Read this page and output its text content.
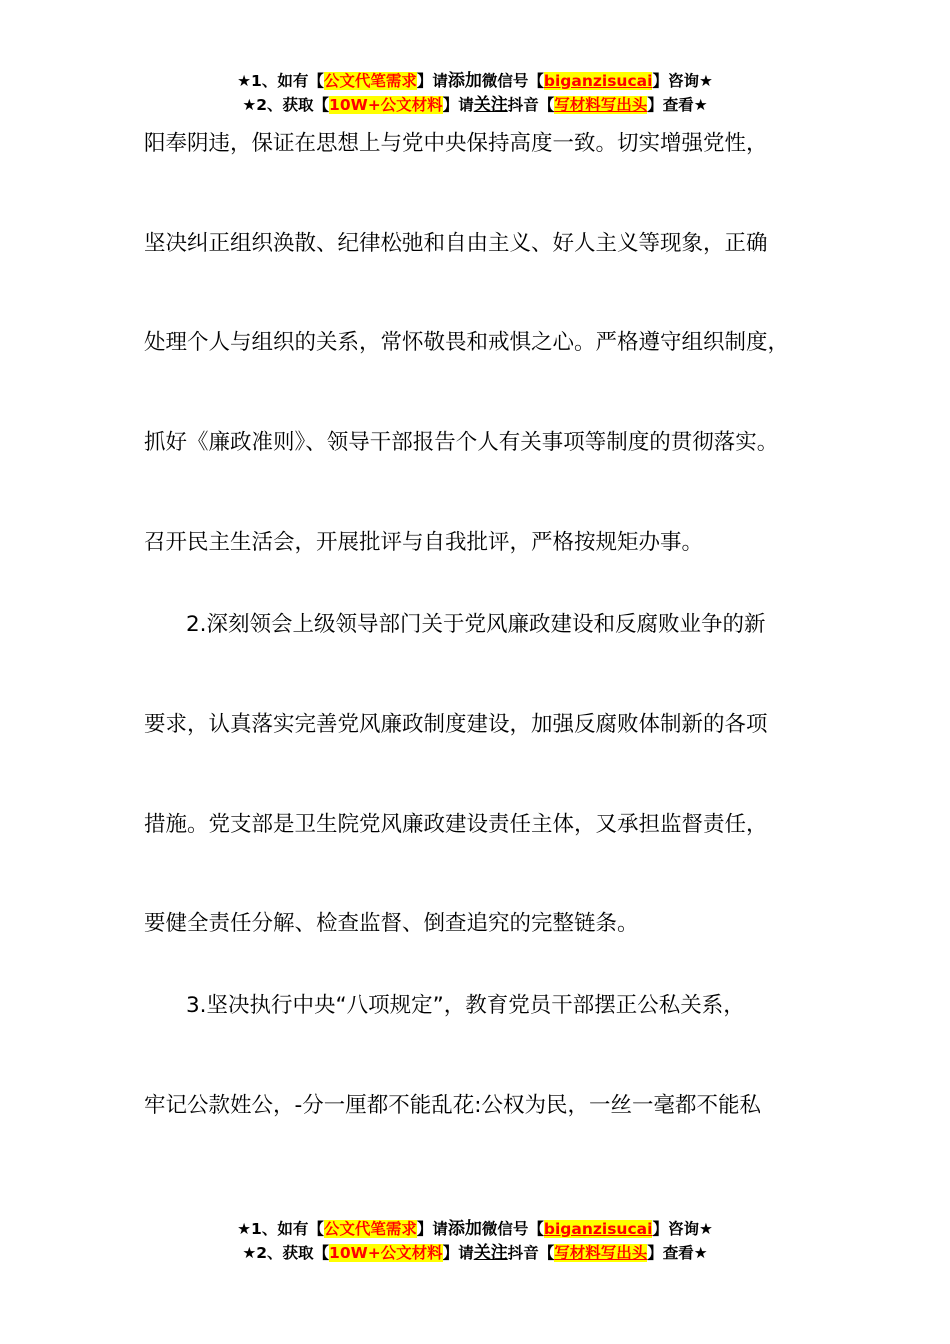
★1、如有【公文代笔需求】请添加微信号【biganzisucai】咨询★
★2、获取【10W+公文材料】请关注抖音【写材料写出头】查看★
阳奉阴违，保证在思想上与党中央保持高度一致。切实增强党性，
坚决纠正组织涣散、纪律松弛和自由主义、好人主义等现象，正确
处理个人与组织的关系，常怀敬畏和戒惧之心。严格遵守组织制度，
抓好《廉政准则》、领导干部报告个人有关事项等制度的贯彻落实。
召开民主生活会，开展批评与自我批评，严格按规矩办事。
2.深刻领会上级领导部门关于党风廉政建设和反腐败业争的新
要求，认真落实完善党风廉政制度建设，加强反腐败体制新的各项
措施。党支部是卫生院党风廉政建设责任主体，又承担监督责任，
要健全责任分解、检查监督、倒查追究的完整链条。
3.坚决执行中央“八项规定”，教育党员干部摆正公私关系，
牢记公款姓公，-分一厘都不能乱花:公权为民，一丝一毫都不能私
★1、如有【公文代笔需求】请添加微信号【biganzisucai】咨询★
★2、获取【10W+公文材料】请关注抖音【写材料写出头】查看★
